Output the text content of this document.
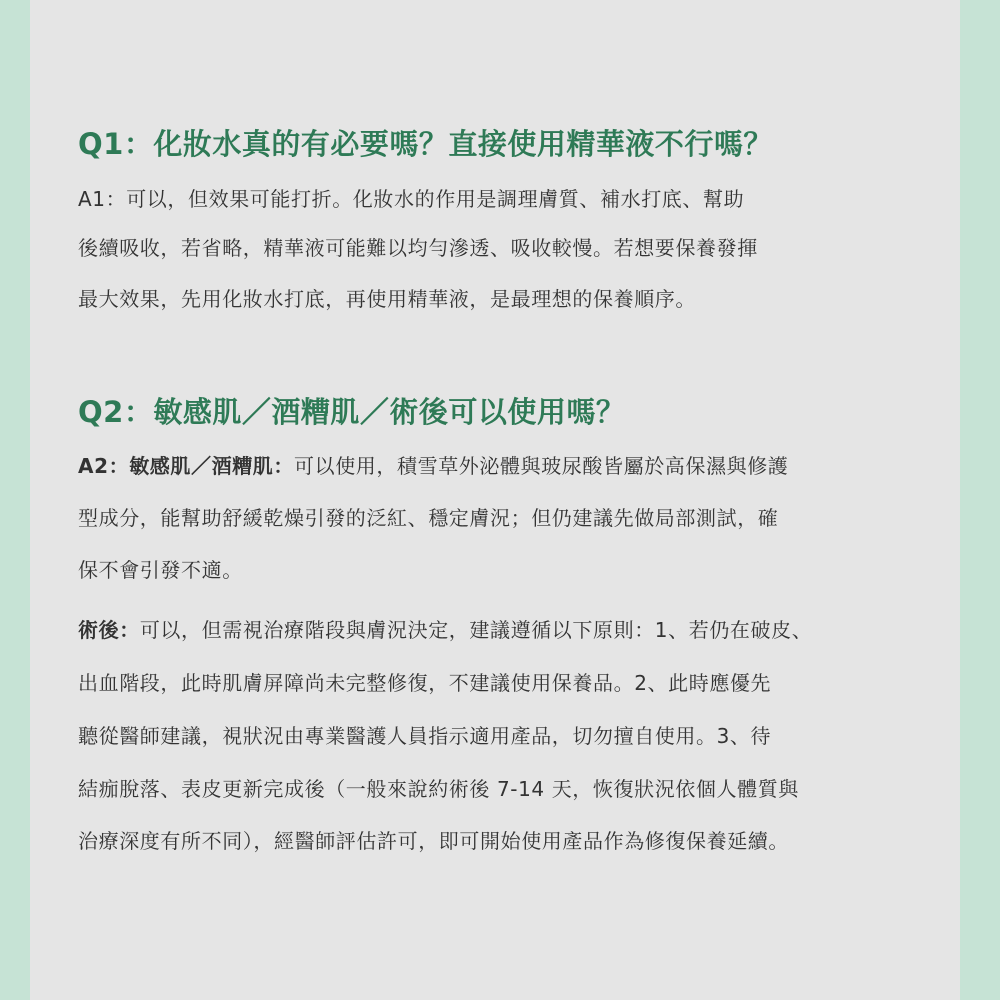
Q1：化妝水真的有必要嗎？直接使用精華液不行嗎？
A1：可以，但效果可能打折。化妝水的作用是調理膚質、補水打底、幫助
後續吸收，若省略，精華液可能難以均勻滲透、吸收較慢。若想要保養發揮
最大效果，先用化妝水打底，再使用精華液，是最理想的保養順序。
Q2：敏感肌／酒糟肌／術後可以使用嗎？
A2：敏感肌／酒糟肌：可以使用，積雪草外泌體與玻尿酸皆屬於高保濕與修護
型成分，能幫助舒緩乾燥引發的泛紅、穩定膚況；但仍建議先做局部測試，確
保不會引發不適。
術後：可以，但需視治療階段與膚況決定，建議遵循以下原則：1、若仍在破皮、
出血階段，此時肌膚屏障尚未完整修復，不建議使用保養品。2、此時應優先
聽從醫師建議，視狀況由專業醫護人員指示適用產品，切勿擅自使用。3、待
結痂脫落、表皮更新完成後（一般來說約術後 7-14 天，恢復狀況依個人體質與
治療深度有所不同），經醫師評估許可，即可開始使用產品作為修復保養延續。
